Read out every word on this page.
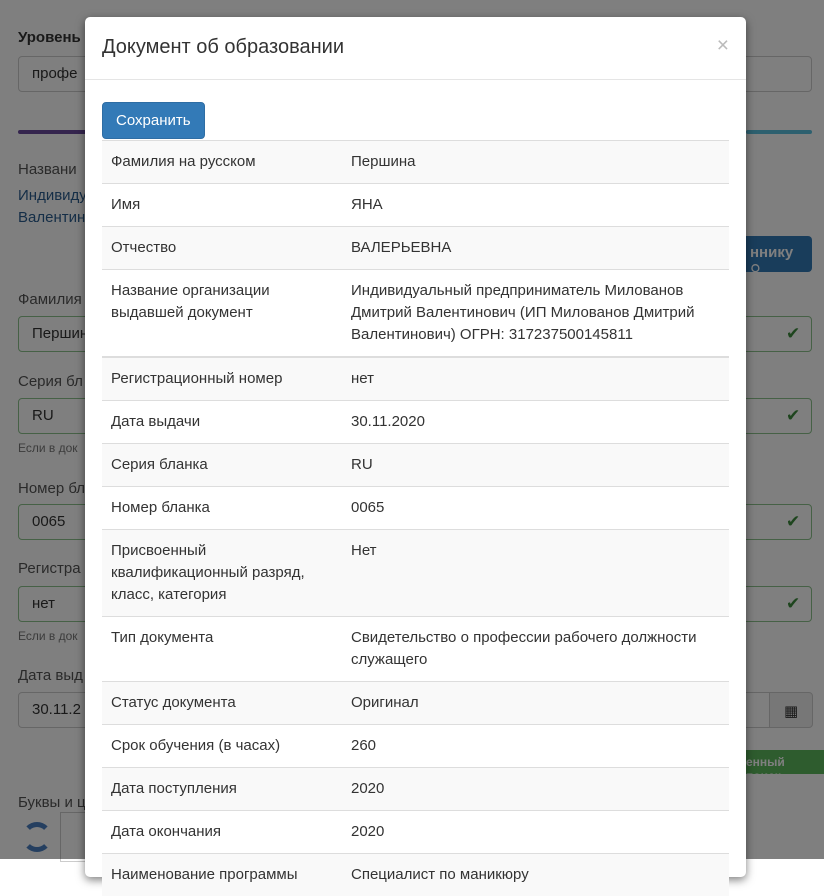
Документ об образовании	×
Сохранить
Фамилия на русском	Першина
Имя	ЯНА
Отчество	ВАЛЕРЬЕВНА
Название организации выдавшей документ	Индивидуальный предприниматель Милованов Дмитрий Валентинович (ИП Милованов Дмитрий Валентинович) ОГРН: 317237500145811
Регистрационный номер	нет
Дата выдачи	30.11.2020
Серия бланка	RU
Номер бланка	0065
Присвоенный квалификационный разряд, класс, категория	Нет
Тип документа	Свидетельство о профессии рабочего должности служащего
Статус документа	Оригинал
Срок обучения (в часах)	260
Дата поступления	2020
Дата окончания	2020
Наименование программы	Специалист по маникюру
